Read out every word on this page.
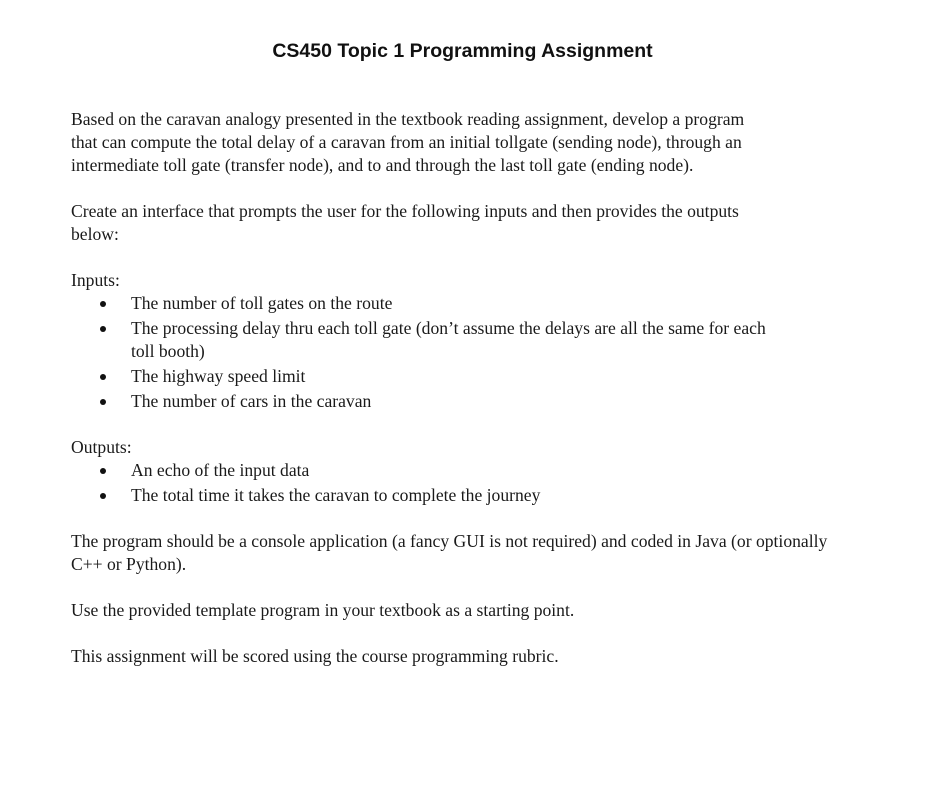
CS450 Topic 1 Programming Assignment

Based on the caravan analogy presented in the textbook reading assignment, develop a program that can compute the total delay of a caravan from an initial tollgate (sending node), through an intermediate toll gate (transfer node), and to and through the last toll gate (ending node).

Create an interface that prompts the user for the following inputs and then provides the outputs below:

Inputs:

The number of toll gates on the route
The processing delay thru each toll gate (don’t assume the delays are all the same for each toll booth)
The highway speed limit
The number of cars in the caravan

Outputs:

An echo of the input data
The total time it takes the caravan to complete the journey

The program should be a console application (a fancy GUI is not required) and coded in Java (or optionally C++ or Python).

Use the provided template program in your textbook as a starting point.

This assignment will be scored using the course programming rubric.
